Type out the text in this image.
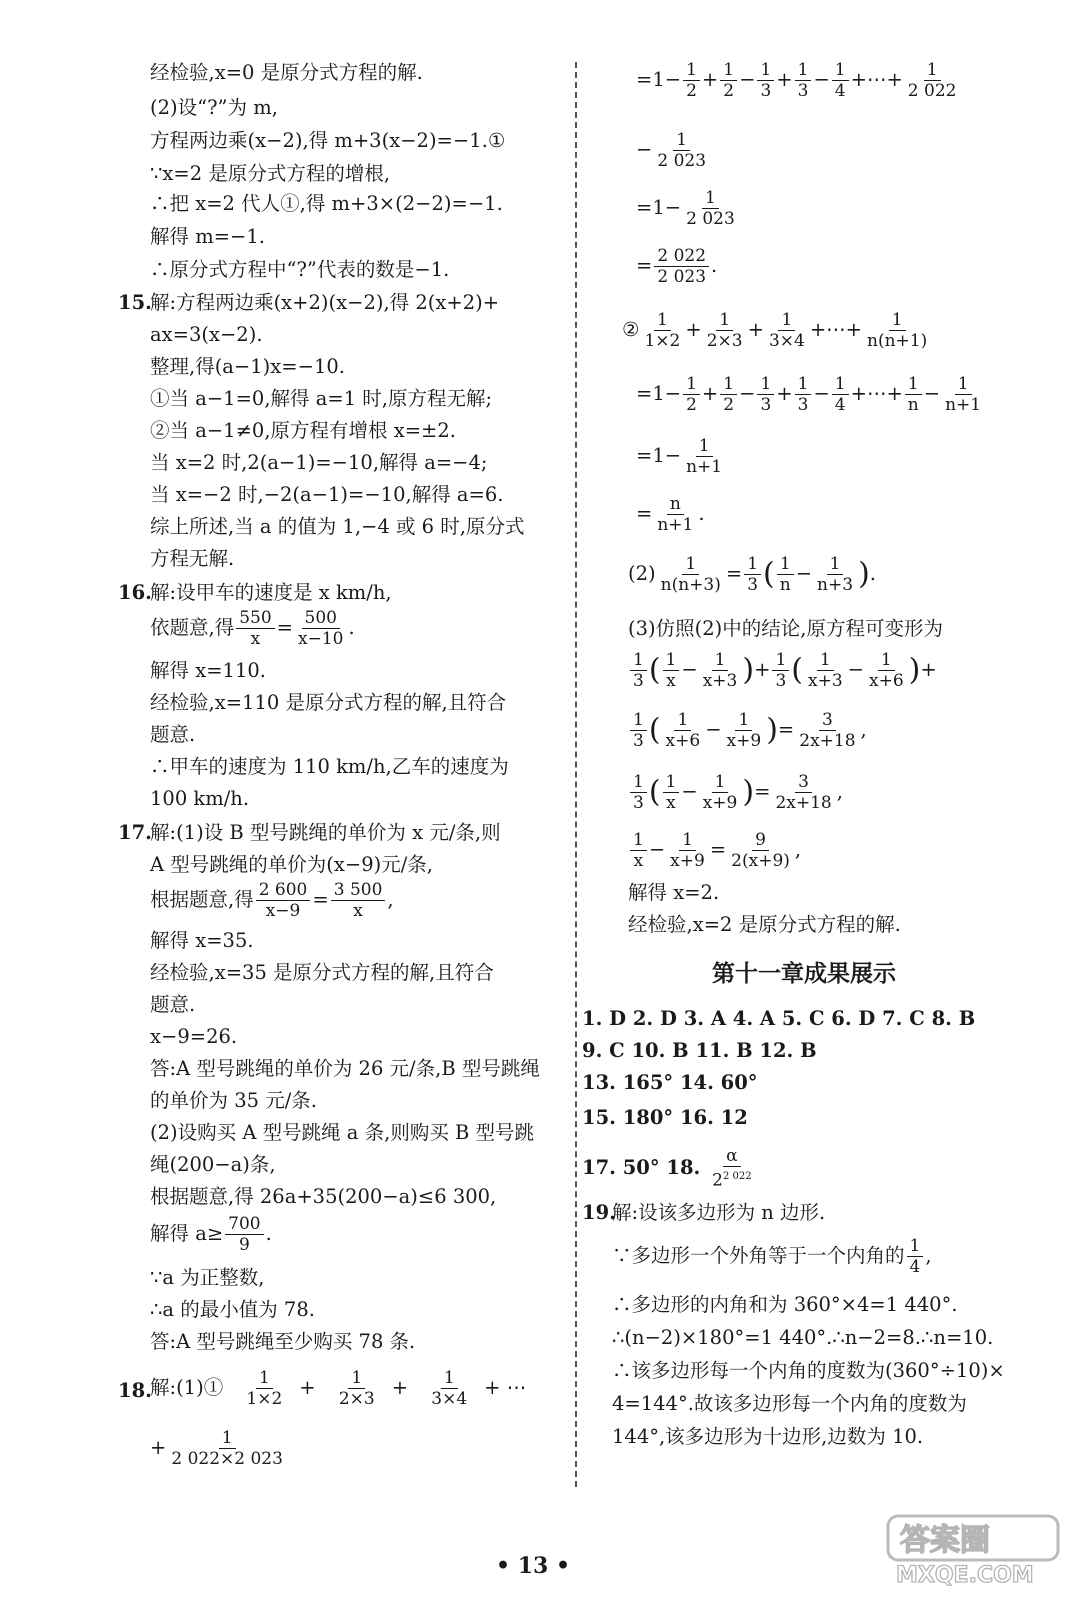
经检验,x=0 是原分式方程的解.
(2)设“?”为 m,
方程两边乘(x−2),得 m+3(x−2)=−1.①
∵x=2 是原分式方程的增根,
∴把 x=2 代人①,得 m+3×(2−2)=−1.
解得 m=−1.
∴原分式方程中“?”代表的数是−1.
15.
解:方程两边乘(x+2)(x−2),得 2(x+2)+
ax=3(x−2).
整理,得(a−1)x=−10.
①当 a−1=0,解得 a=1 时,原方程无解;
②当 a−1≠0,原方程有增根 x=±2.
当 x=2 时,2(a−1)=−10,解得 a=−4;
当 x=−2 时,−2(a−1)=−10,解得 a=6.
综上所述,当 a 的值为 1,−4 或 6 时,原分式
方程无解.
16.
解:设甲车的速度是 x km/h,
依题意,得 $\frac{550}{x} = \frac{500}{x-10}$ .
解得 x=110.
经检验,x=110 是原分式方程的解,且符合
题意.
∴甲车的速度为 110 km/h,乙车的速度为
100 km/h.
17.
解:(1)设 B 型号跳绳的单价为 x 元/条,则
A 型号跳绳的单价为(x−9)元/条,
根据题意,得 $\frac{2 600}{x-9} = \frac{3 500}{x}$ ,
解得 x=35.
经检验,x=35 是原分式方程的解,且符合
题意.
x−9=26.
答:A 型号跳绳的单价为 26 元/条,B 型号跳绳
的单价为 35 元/条.
(2)设购买 A 型号跳绳 a 条,则购买 B 型号跳
绳(200−a)条,
根据题意,得 26a+35(200−a)≤6 300,
解得 $a\ge \frac{700}{9}$ .
∵a 为正整数,
∴a 的最小值为 78.
答:A 型号跳绳至少购买 78 条.
18.
解:(1)① $\frac{1}{1\times 2} + \frac{1}{2\times 3} + \frac{1}{3\times 4}$ + ⋯
+ $\frac{1}{2 022\times 2 023}$
$=1- \frac{1}{2} + \frac{1}{2} - \frac{1}{3} + \frac{1}{3} - \frac{1}{4}$ +⋯+ $\frac{1}{2 022}$
− $\frac{1}{2 023}$
$=1- \frac{1}{2 023}$
= $\frac{2 022}{2 023}$ .
② $\frac{1}{1\times 2} + \frac{1}{2\times 3} + \frac{1}{3\times 4}$ +⋯+ $\frac{1}{n(n+1)}$
$=1- \frac{1}{2} + \frac{1}{2} - \frac{1}{3} + \frac{1}{3} - \frac{1}{4}$ +⋯+ $\frac{1}{n} - \frac{1}{n+1}$
$=1- \frac{1}{n+1}$
= $\frac{n}{n+1}$ .
$(2) \frac{1}{n(n+3)} = \frac{1}{3}$ ( $\frac{1}{n} - \frac{1}{n+3}$ ).
(3)仿照(2)中的结论,原方程可变形为
$\frac{1}{3}$ ( $\frac{1}{x} - \frac{1}{x+3}$ )+ $\frac{1}{3}$ ( $\frac{1}{x+3} - \frac{1}{x+6}$ )+
$\frac{1}{3}$ ( $\frac{1}{x+6} - \frac{1}{x+9}$ )= $\frac{3}{2x+18}$ ,
$\frac{1}{3}$ ( $\frac{1}{x} - \frac{1}{x+9}$ )= $\frac{3}{2x+18}$ ,
$\frac{1}{x} - \frac{1}{x+9} = \frac{9}{2(x+9)}$ ,
解得 x=2.
经检验,x=2 是原分式方程的解.
第十一章成果展示
1. D 2. D 3. A 4. A 5. C 6. D 7. C 8. B
9. C 10. B 11. B 12. B
13. 165° 14. 60°
15. 180° 16. 12
17. 50° 18. $\frac{\alpha}{2^{2 022}}$
19.
解:设该多边形为 n 边形.
∵多边形一个外角等于一个内角的 $\frac{1}{4}$ ,
∴多边形的内角和为 360°×4=1 440°.
∴(n−2)×180°=1 440°.∴n−2=8.∴n=10.
∴该多边形每一个内角的度数为(360°÷10)×
4=144°.故该多边形每一个内角的度数为
144°,该多边形为十边形,边数为 10.
• 13 •
答案圈
MXQE.COM
